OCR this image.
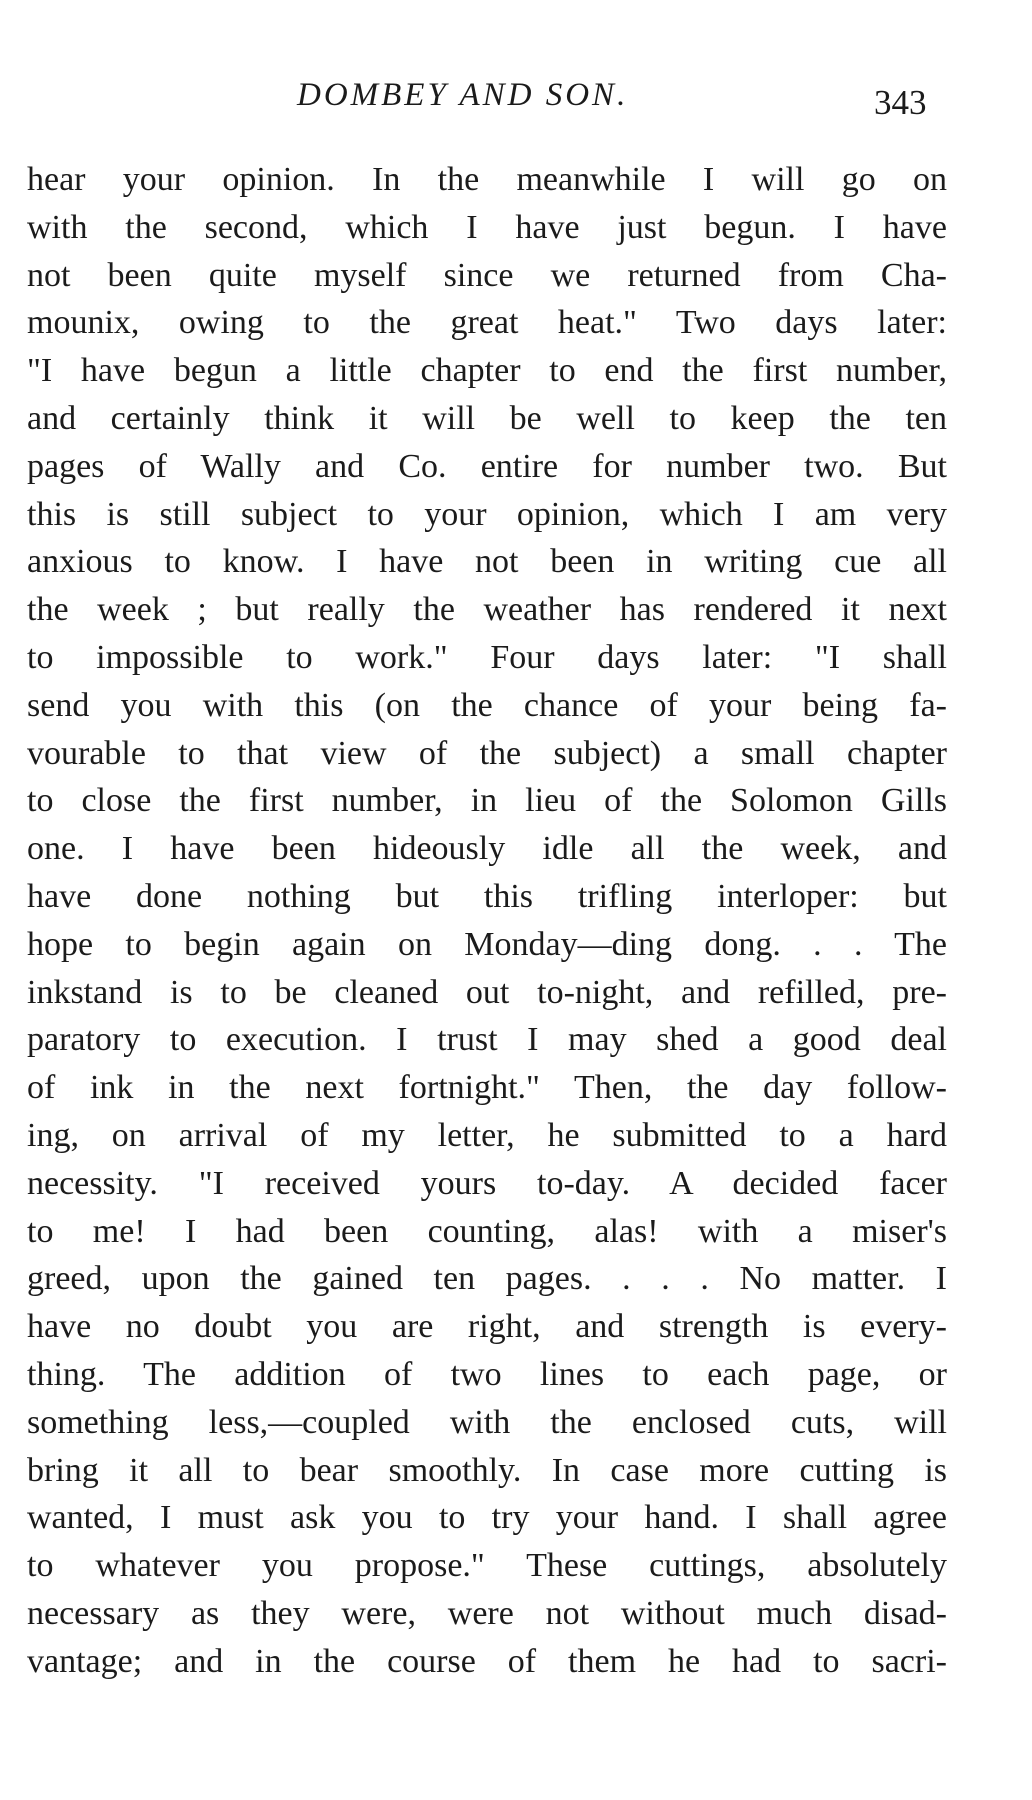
DOMBEY AND SON.	343
hear your opinion. In the meanwhile I will go on
with the second, which I have just begun. I have
not been quite myself since we returned from Cha-
mounix, owing to the great heat." Two days later:
"I have begun a little chapter to end the first number,
and certainly think it will be well to keep the ten
pages of Wally and Co. entire for number two. But
this is still subject to your opinion, which I am very
anxious to know. I have not been in writing cue all
the week ; but really the weather has rendered it next
to impossible to work." Four days later: "I shall
send you with this (on the chance of your being fa-
vourable to that view of the subject) a small chapter
to close the first number, in lieu of the Solomon Gills
one. I have been hideously idle all the week, and
have done nothing but this trifling interloper: but
hope to begin again on Monday—ding dong. . . The
inkstand is to be cleaned out to-night, and refilled, pre-
paratory to execution. I trust I may shed a good deal
of ink in the next fortnight." Then, the day follow-
ing, on arrival of my letter, he submitted to a hard
necessity. "I received yours to-day. A decided facer
to me! I had been counting, alas! with a miser's
greed, upon the gained ten pages. . . . No matter. I
have no doubt you are right, and strength is every-
thing. The addition of two lines to each page, or
something less,—coupled with the enclosed cuts, will
bring it all to bear smoothly. In case more cutting is
wanted, I must ask you to try your hand. I shall agree
to whatever you propose." These cuttings, absolutely
necessary as they were, were not without much disad-
vantage; and in the course of them he had to sacri-
